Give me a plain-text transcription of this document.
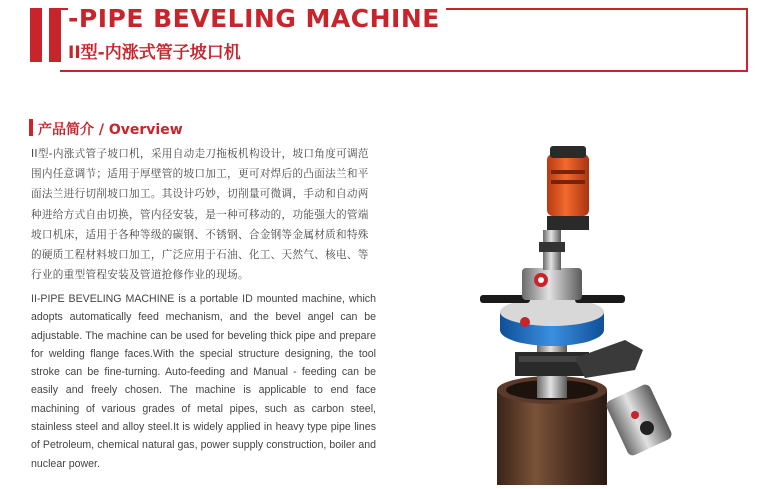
-PIPE BEVELING MACHINE
II型-内涨式管子坡口机
产品简介 / Overview
II型-内涨式管子坡口机，采用自动走刀拖板机构设计，坡口角度可调范围内任意调节；适用于厚壁管的坡口加工，更可对焊后的凸面法兰和平面法兰进行切削坡口加工。其设计巧妙，切削量可微调，手动和自动两种进给方式自由切换，管内径安装，是一种可移动的，功能强大的管端坡口机床，适用于各种等级的碳钢、不锈钢、合金钢等金属材质和特殊的硬质工程材料坡口加工，广泛应用于石油、化工、天然气、核电、等行业的重型管程安装及管道抢修作业的现场。
II-PIPE BEVELING MACHINE is a portable ID mounted machine, which adopts automatically feed mechanism, and the bevel angel can be adjustable. The machine can be used for beveling thick pipe and prepare for welding flange faces.With the special structure designing, the tool stroke can be fine-turning. Auto-feeding and Manual - feeding can be easily and freely chosen. The machine is applicable to end face machining of various grades of metal pipes, such as carbon steel, stainless steel and alloy steel.It is widely applied in heavy type pipe lines of Petroleum, chemical natural gas, power supply construction, boiler and nuclear power.
